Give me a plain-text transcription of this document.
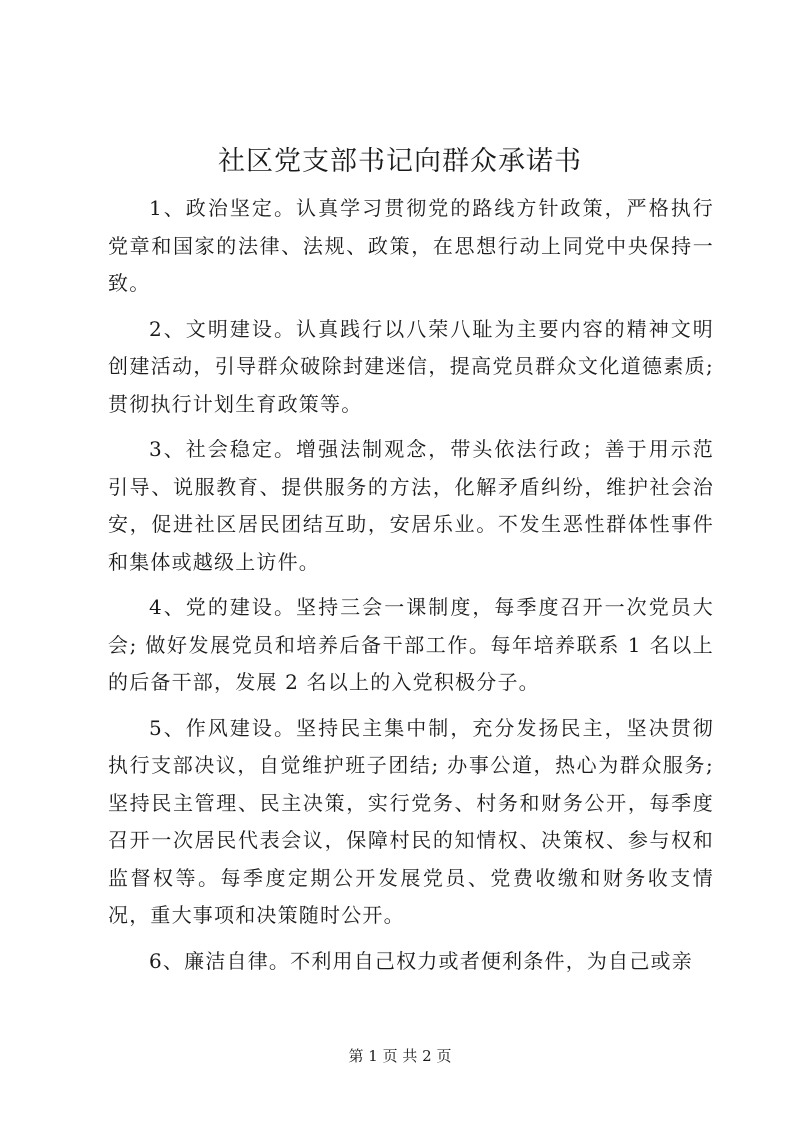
社区党支部书记向群众承诺书

1、政治坚定。认真学习贯彻党的路线方针政策，严格执行党章和国家的法律、法规、政策，在思想行动上同党中央保持一致。

2、文明建设。认真践行以八荣八耻为主要内容的精神文明创建活动，引导群众破除封建迷信，提高党员群众文化道德素质;贯彻执行计划生育政策等。

3、社会稳定。增强法制观念，带头依法行政；善于用示范引导、说服教育、提供服务的方法，化解矛盾纠纷，维护社会治安，促进社区居民团结互助，安居乐业。不发生恶性群体性事件和集体或越级上访件。

4、党的建设。坚持三会一课制度，每季度召开一次党员大会; 做好发展党员和培养后备干部工作。每年培养联系 1 名以上的后备干部，发展 2 名以上的入党积极分子。

5、作风建设。坚持民主集中制，充分发扬民主，坚决贯彻执行支部决议，自觉维护班子团结; 办事公道，热心为群众服务;坚持民主管理、民主决策，实行党务、村务和财务公开，每季度召开一次居民代表会议，保障村民的知情权、决策权、参与权和监督权等。每季度定期公开发展党员、党费收缴和财务收支情况，重大事项和决策随时公开。

6、廉洁自律。不利用自己权力或者便利条件，为自己或亲

第 1 页 共 2 页
